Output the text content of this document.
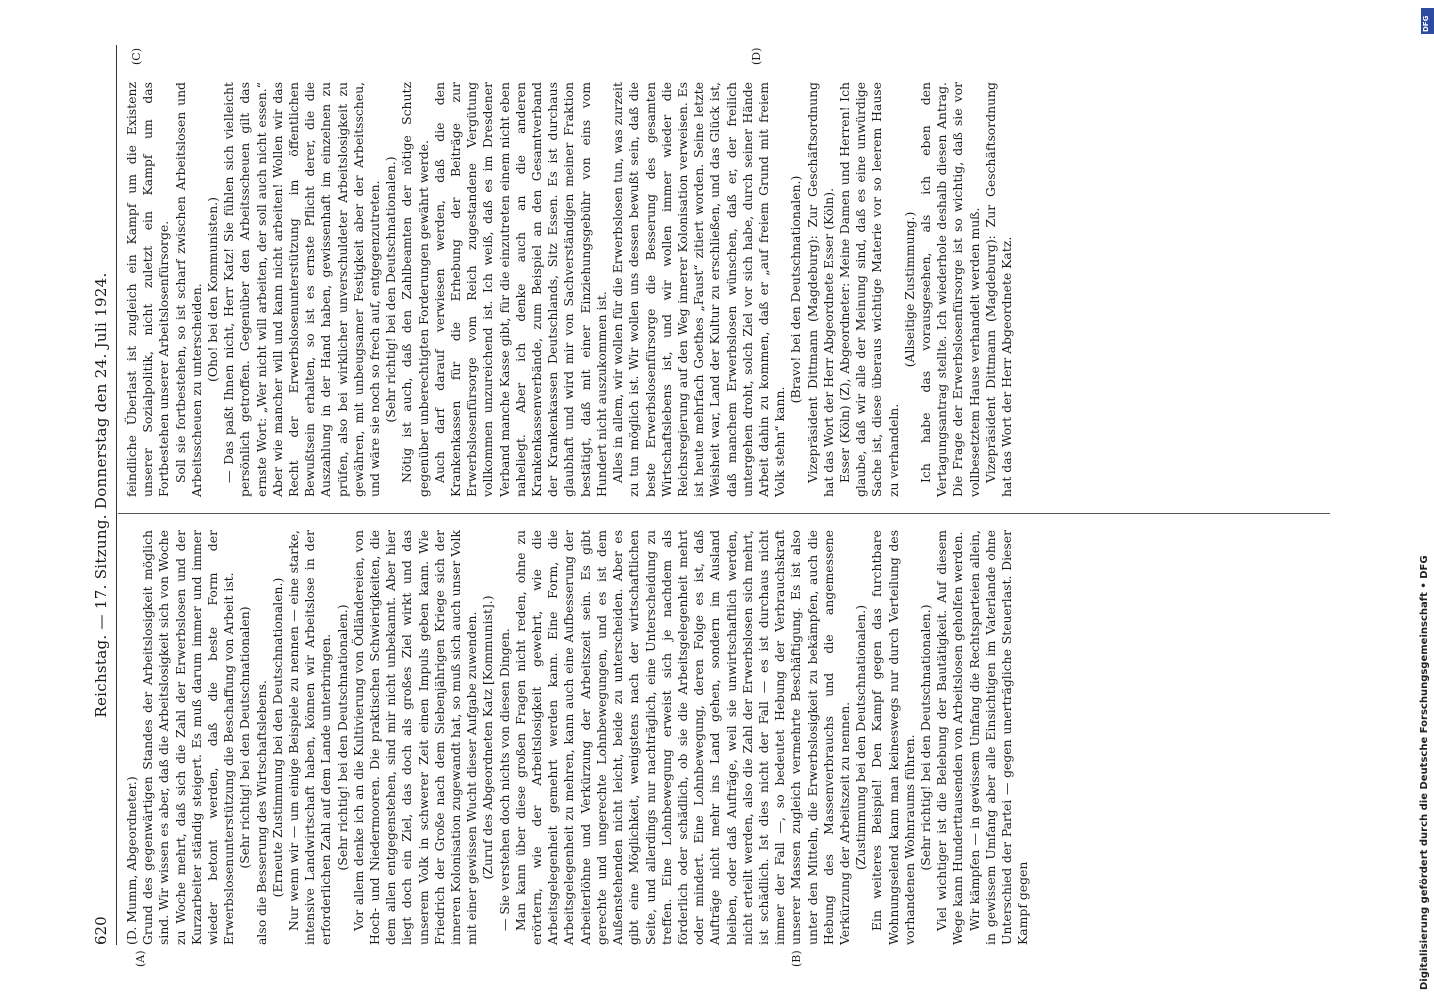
620
Reichstag. — 17. Sitzung. Donnerstag den 24. Juli 1924.
(A)	(B)
(C)	(D)

(D. Mumm, Abgeordneter.) Grund des gegenwärtigen Standes der Arbeitslosigkeit möglich sind. Wir wissen es aber, daß die Arbeitslosigkeit sich von Woche zu Woche mehrt, daß sich die Zahl der Erwerbslosen und der Kurzarbeiter ständig steigert. Es muß darum immer und immer wieder betont werden, daß die beste Form der Erwerbslosenunterstützung die Beschaffung von Arbeit ist. (Sehr richtig! bei den Deutschnationalen) also die Besserung des Wirtschaftslebens. (Erneute Zustimmung bei den Deutschnationalen.) Nur wenn wir — um einige Beispiele zu nennen — eine starke, intensive Landwirtschaft haben, können wir Arbeitslose in der erforderlichen Zahl auf dem Lande unterbringen. (Sehr richtig! bei den Deutschnationalen.) Vor allem denke ich an die Kultivierung von Ödländereien, von Hoch- und Niedermooren. Die praktischen Schwierigkeiten, die dem allen entgegenstehen, sind mir nicht unbekannt. Aber hier liegt doch ein Ziel, das doch als großes Ziel wirkt und das unserem Volk in schwerer Zeit einen Impuls geben kann. Wie Friedrich der Große nach dem Siebenjährigen Kriege sich der inneren Kolonisation zugewandt hat, so muß sich auch unser Volk mit einer gewissen Wucht dieser Aufgabe zuwenden. (Zuruf des Abgeordneten Katz [Kommunist].) — Sie verstehen doch nichts von diesen Dingen. Man kann über diese großen Fragen nicht reden, ohne zu erörtern, wie der Arbeitslosigkeit gewehrt, wie die Arbeitsgelegenheit gemehrt werden kann. Eine Form, die Arbeitsgelegenheit zu mehren, kann auch eine Aufbesserung der Arbeiterlöhne und Verkürzung der Arbeitszeit sein. Es gibt gerechte und ungerechte Lohnbewegungen, und es ist dem Außenstehenden nicht leicht, beide zu unterscheiden. Aber es gibt eine Möglichkeit, wenigstens nach der wirtschaftlichen Seite, und allerdings nur nachträglich, eine Unterscheidung zu treffen. Eine Lohnbewegung erweist sich je nachdem als förderlich oder schädlich, ob sie die Arbeitsgelegenheit mehrt oder mindert. Eine Lohnbewegung, deren Folge es ist, daß Aufträge nicht mehr ins Land gehen, sondern im Ausland bleiben, oder daß Aufträge, weil sie unwirtschaftlich werden, nicht erteilt werden, also die Zahl der Erwerbslosen sich mehrt, ist schädlich. Ist dies nicht der Fall — es ist durchaus nicht immer der Fall —, so bedeutet Hebung der Verbrauchskraft unserer Massen zugleich vermehrte Beschäftigung. Es ist also unter den Mitteln, die Erwerbslosigkeit zu bekämpfen, auch die Hebung des Massenverbrauchs und die angemessene Verkürzung der Arbeitszeit zu nennen. (Zustimmung bei den Deutschnationalen.) Ein weiteres Beispiel! Den Kampf gegen das furchtbare Wohnungselend kann man keineswegs nur durch Verteilung des vorhandenen Wohnraums führen. (Sehr richtig! bei den Deutschnationalen.) Viel wichtiger ist die Belebung der Bautätigkeit. Auf diesem Wege kann Hunderttausenden von Arbeitslosen geholfen werden. Wir kämpfen — in gewissem Umfang die Rechtsparteien allein, in gewissem Umfang aber alle Einsichtigen im Vaterlande ohne Unterschied der Partei — gegen unerträgliche Steuerlast. Dieser Kampf gegen

feindliche Überlast ist zugleich ein Kampf um die Existenz unserer Sozialpolitik, nicht zuletzt ein Kampf um das Fortbestehen unserer Arbeitslosenfürsorge. Soll sie fortbestehen, so ist scharf zwischen Arbeitslosen und Arbeitsscheuen zu unterscheiden. (Oho! bei den Kommunisten.) — Das paßt Ihnen nicht, Herr Katz! Sie fühlen sich vielleicht persönlich getroffen. Gegenüber den Arbeitsscheuen gilt das ernste Wort: „Wer nicht will arbeiten, der soll auch nicht essen.“ Aber wie mancher will und kann nicht arbeiten! Wollen wir das Recht der Erwerbslosenunterstützung im öffentlichen Bewußtsein erhalten, so ist es ernste Pflicht derer, die die Auszahlung in der Hand haben, gewissenhaft im einzelnen zu prüfen, also bei wirklicher unverschuldeter Arbeitslosigkeit zu gewähren, mit unbeugsamer Festigkeit aber der Arbeitsscheu, und wäre sie noch so frech auf, entgegenzutreten. (Sehr richtig! bei den Deutschnationalen.) Nötig ist auch, daß den Zahlbeamten der nötige Schutz gegenüber unberechtigten Forderungen gewährt werde. Auch darf darauf verwiesen werden, daß die den Krankenkassen für die Erhebung der Beiträge zur Erwerbslosenfürsorge vom Reich zugestandene Vergütung vollkommen unzureichend ist. Ich weiß, daß es im Dresdener Verband manche Kasse gibt, für die einzutreten einem nicht eben naheliegt. Aber ich denke auch an die anderen Krankenkassenverbände, zum Beispiel an den Gesamtverband der Krankenkassen Deutschlands, Sitz Essen. Es ist durchaus glaubhaft und wird mir von Sachverständigen meiner Fraktion bestätigt, daß mit einer Einziehungsgebühr von eins vom Hundert nicht auszukommen ist. Alles in allem, wir wollen für die Erwerbslosen tun, was zurzeit zu tun möglich ist. Wir wollen uns dessen bewußt sein, daß die beste Erwerbslosenfürsorge die Besserung des gesamten Wirtschaftslebens ist, und wir wollen immer wieder die Reichsregierung auf den Weg innerer Kolonisation verweisen. Es ist heute mehrfach Goethes „Faust“ zitiert worden. Seine letzte Weisheit war, Land der Kultur zu erschließen, und das Glück ist, daß manchem Erwerbslosen wünschen, daß er, der freilich untergehen droht, solch Ziel vor sich habe, durch seiner Hände Arbeit dahin zu kommen, daß er „auf freiem Grund mit freiem Volk stehn“ kann.

(Bravo! bei den Deutschnationalen.) Vizepräsident Dittmann (Magdeburg): Zur Geschäftsordnung hat das Wort der Herr Abgeordnete Esser (Köln). Esser (Köln) (Z), Abgeordneter: Meine Damen und Herren! Ich glaube, daß wir alle der Meinung sind, daß es eine unwürdige Sache ist, diese überaus wichtige Materie vor so leerem Hause zu verhandeln.

(Allseitige Zustimmung.) Ich habe das vorausgesehen, als ich eben den Vertagungsantrag stellte. Ich wiederhole deshalb diesen Antrag. Die Frage der Erwerbslosenfürsorge ist so wichtig, daß sie vor vollbesetztem Hause verhandelt werden muß. Vizepräsident Dittmann (Magdeburg): Zur Geschäftsordnung hat das Wort der Herr Abgeordnete Katz.

DFG
Digitalisierung gefördert durch die Deutsche Forschungsgemeinschaft • DFG
